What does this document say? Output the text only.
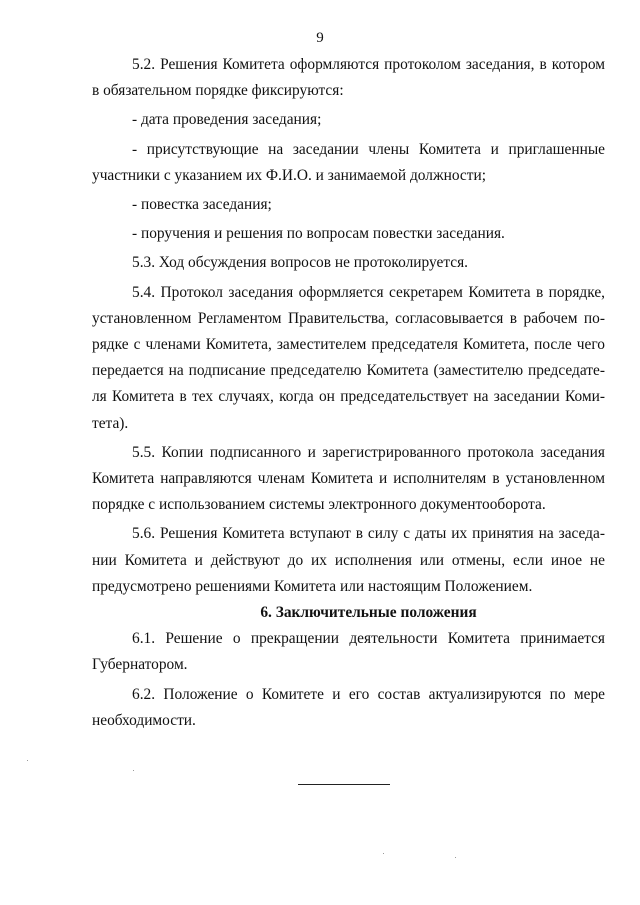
9

5.2. Решения Комитета оформляются протоколом заседания, в котором в обязательном порядке фиксируются:

- дата проведения заседания;

- присутствующие на заседании члены Комитета и приглашенные участники с указанием их Ф.И.О. и занимаемой должности;

- повестка заседания;

- поручения и решения по вопросам повестки заседания.

5.3. Ход обсуждения вопросов не протоколируется.

5.4. Протокол заседания оформляется секретарем Комитета в порядке, установленном Регламентом Правительства, согласовывается в рабочем порядке с членами Комитета, заместителем председателя Комитета, после чего передается на подписание председателю Комитета (заместителю председателя Комитета в тех случаях, когда он председательствует на заседании Комитета).

5.5. Копии подписанного и зарегистрированного протокола заседания Комитета направляются членам Комитета и исполнителям в установленном порядке с использованием системы электронного документооборота.

5.6. Решения Комитета вступают в силу с даты их принятия на заседании Комитета и действуют до их исполнения или отмены, если иное не предусмотрено решениями Комитета или настоящим Положением.

6. Заключительные положения

6.1. Решение о прекращении деятельности Комитета принимается Губернатором.

6.2. Положение о Комитете и его состав актуализируются по мере необходимости.
